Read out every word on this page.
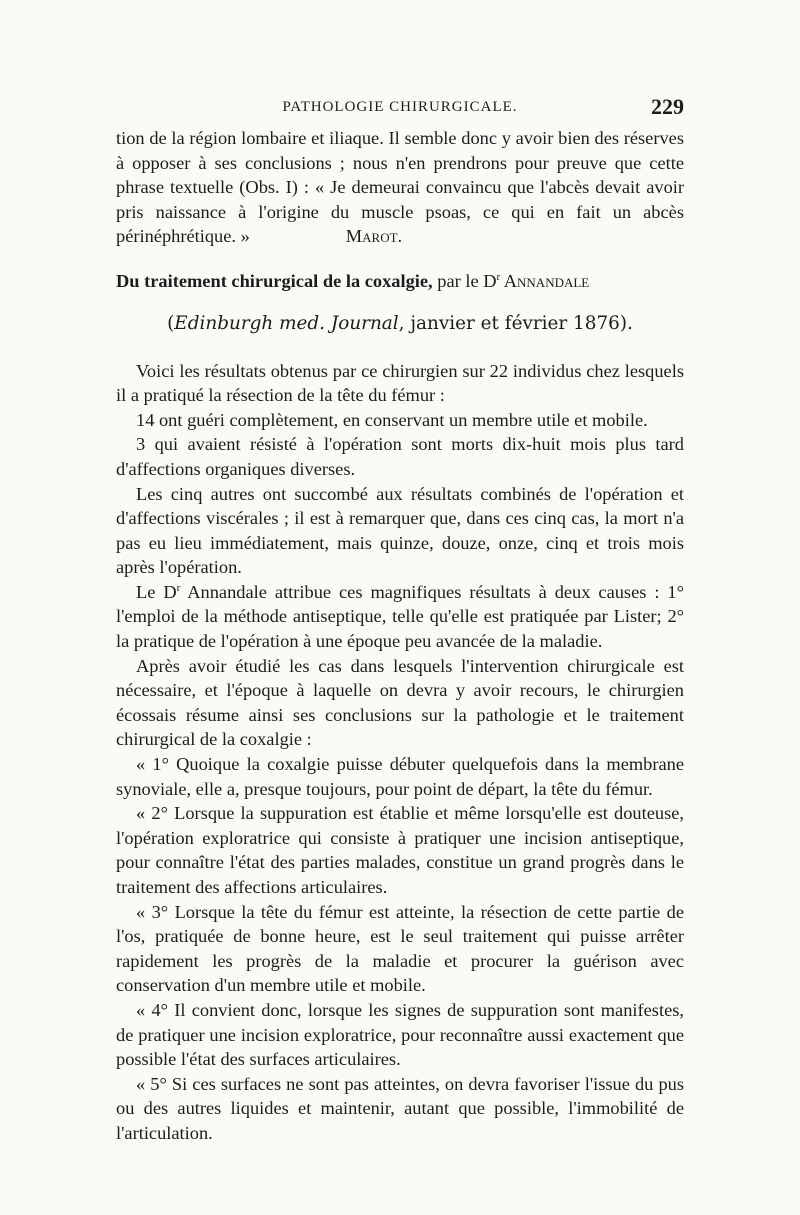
PATHOLOGIE CHIRURGICALE.	229

tion de la région lombaire et iliaque. Il semble donc y avoir bien des réserves à opposer à ses conclusions ; nous n'en prendrons pour preuve que cette phrase textuelle (Obs. I) : « Je demeurai convaincu que l'abcès devait avoir pris naissance à l'origine du muscle psoas, ce qui en fait un abcès périnéphrétique. »	Marot.

Du traitement chirurgical de la coxalgie, par le $D^r$ Annandale

(Edinburgh med. Journal, janvier et février 1876).

Voici les résultats obtenus par ce chirurgien sur 22 individus chez lesquels il a pratiqué la résection de la tête du fémur :

14 ont guéri complètement, en conservant un membre utile et mobile.

3 qui avaient résisté à l'opération sont morts dix-huit mois plus tard d'affections organiques diverses.

Les cinq autres ont succombé aux résultats combinés de l'opération et d'affections viscérales ; il est à remarquer que, dans ces cinq cas, la mort n'a pas eu lieu immédiatement, mais quinze, douze, onze, cinq et trois mois après l'opération.

Le $D^r$ Annandale attribue ces magnifiques résultats à deux causes : 1° l'emploi de la méthode antiseptique, telle qu'elle est pratiquée par Lister; 2° la pratique de l'opération à une époque peu avancée de la maladie.

Après avoir étudié les cas dans lesquels l'intervention chirurgicale est nécessaire, et l'époque à laquelle on devra y avoir recours, le chirurgien écossais résume ainsi ses conclusions sur la pathologie et le traitement chirurgical de la coxalgie :

« 1° Quoique la coxalgie puisse débuter quelquefois dans la membrane synoviale, elle a, presque toujours, pour point de départ, la tête du fémur.

« 2° Lorsque la suppuration est établie et même lorsqu'elle est douteuse, l'opération exploratrice qui consiste à pratiquer une incision antiseptique, pour connaître l'état des parties malades, constitue un grand progrès dans le traitement des affections articulaires.

« 3° Lorsque la tête du fémur est atteinte, la résection de cette partie de l'os, pratiquée de bonne heure, est le seul traitement qui puisse arrêter rapidement les progrès de la maladie et procurer la guérison avec conservation d'un membre utile et mobile.

« 4° Il convient donc, lorsque les signes de suppuration sont manifestes, de pratiquer une incision exploratrice, pour reconnaître aussi exactement que possible l'état des surfaces articulaires.

« 5° Si ces surfaces ne sont pas atteintes, on devra favoriser l'issue du pus ou des autres liquides et maintenir, autant que possible, l'immobilité de l'articulation.
